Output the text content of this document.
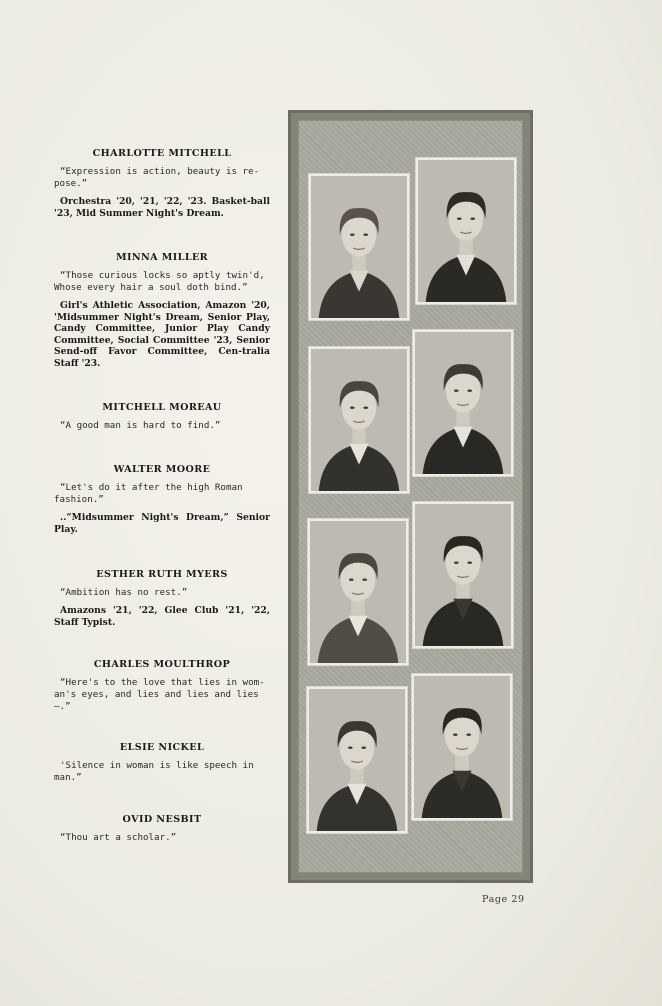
CHARLOTTE MITCHELL

“Expression is action, beauty is re-pose.”

Orchestra '20, '21, '22, '23. Basket-ball '23, Mid Summer Night's Dream.

MINNA MILLER

“Those curious locks so aptly twin'd, Whose every hair a soul doth bind.”

Girl's Athletic Association, Amazon '20, 'Midsummer Night's Dream, Senior Play, Candy Committee, Junior Play Candy Committee, Social Committee '23, Senior Send-off Favor Committee, Cen-tralia Staff '23.

MITCHELL MOREAU

“A good man is hard to find.”

WALTER MOORE

“Let's do it after the high Roman fashion.”

..“Midsummer Night's Dream,” Senior Play.

ESTHER RUTH MYERS

“Ambition has no rest.”

Amazons '21, '22, Glee Club '21, '22, Staff Typist.

CHARLES MOULTHROP

“Here's to the love that lies in wom-an's eyes, and lies and lies and lies —.”

ELSIE NICKEL

'Silence in woman is like speech in man.”

OVID NESBIT

“Thou art a scholar.”

Page 29
